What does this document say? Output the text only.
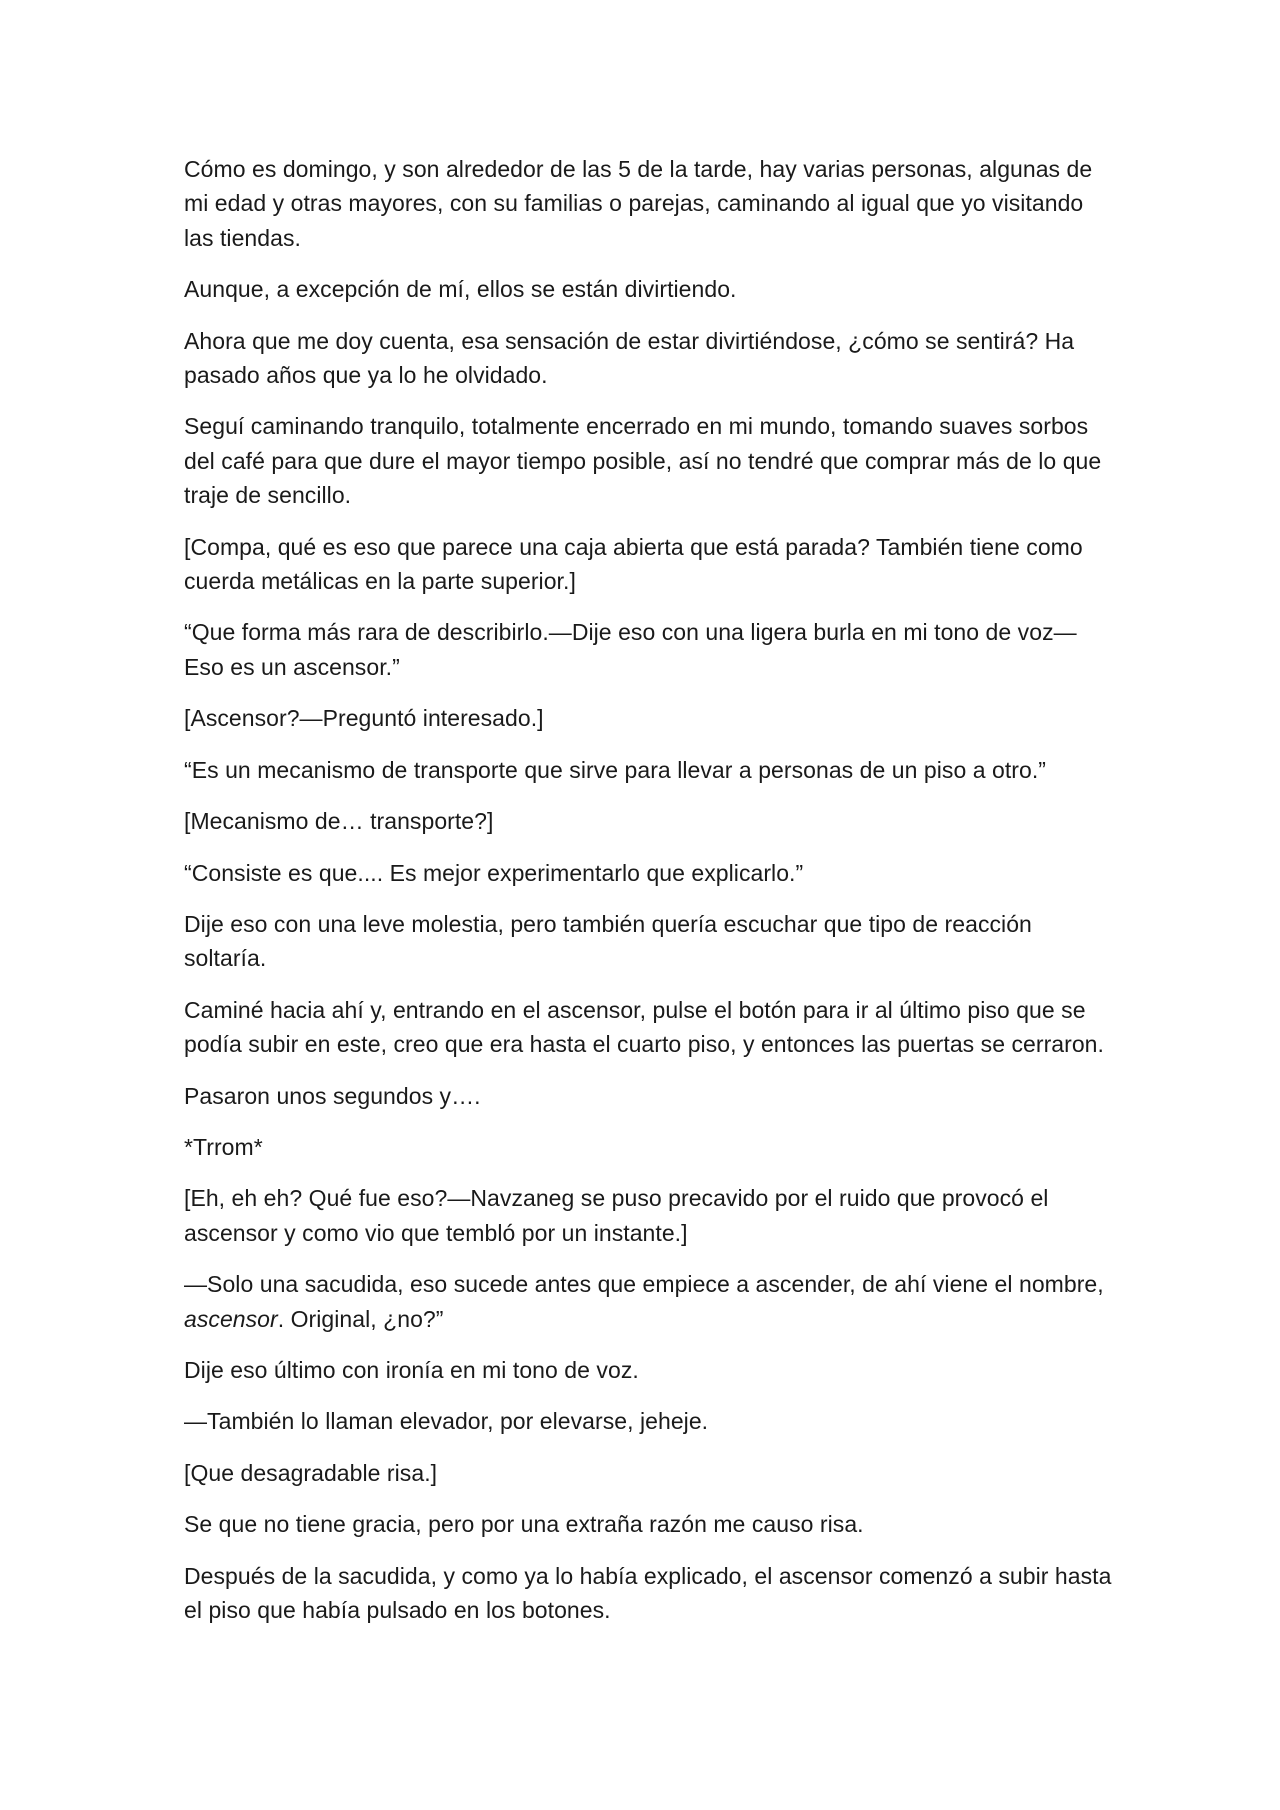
Cómo es domingo, y son alrededor de las 5 de la tarde, hay varias personas, algunas de mi edad y otras mayores, con su familias o parejas, caminando al igual que yo visitando las tiendas.

Aunque, a excepción de mí, ellos se están divirtiendo.

Ahora que me doy cuenta, esa sensación de estar divirtiéndose, ¿cómo se sentirá? Ha pasado años que ya lo he olvidado.

Seguí caminando tranquilo, totalmente encerrado en mi mundo, tomando suaves sorbos del café para que dure el mayor tiempo posible, así no tendré que comprar más de lo que traje de sencillo.

[Compa, qué es eso que parece una caja abierta que está parada? También tiene como cuerda metálicas en la parte superior.]

“Que forma más rara de describirlo.—Dije eso con una ligera burla en mi tono de voz—Eso es un ascensor.”

[Ascensor?—Preguntó interesado.]

“Es un mecanismo de transporte que sirve para llevar a personas de un piso a otro.”

[Mecanismo de… transporte?]

“Consiste es que.... Es mejor experimentarlo que explicarlo.”

Dije eso con una leve molestia, pero también quería escuchar que tipo de reacción soltaría.

Caminé hacia ahí y, entrando en el ascensor, pulse el botón para ir al último piso que se podía subir en este, creo que era hasta el cuarto piso, y entonces las puertas se cerraron.

Pasaron unos segundos y….

*Trrom*

[Eh, eh eh? Qué fue eso?—Navzaneg se puso precavido por el ruido que provocó el ascensor y como vio que tembló por un instante.]

—Solo una sacudida, eso sucede antes que empiece a ascender, de ahí viene el nombre, ascensor. Original, ¿no?”

Dije eso último con ironía en mi tono de voz.

—También lo llaman elevador, por elevarse, jeheje.

[Que desagradable risa.]

Se que no tiene gracia, pero por una extraña razón me causo risa.

Después de la sacudida, y como ya lo había explicado, el ascensor comenzó a subir hasta el piso que había pulsado en los botones.
